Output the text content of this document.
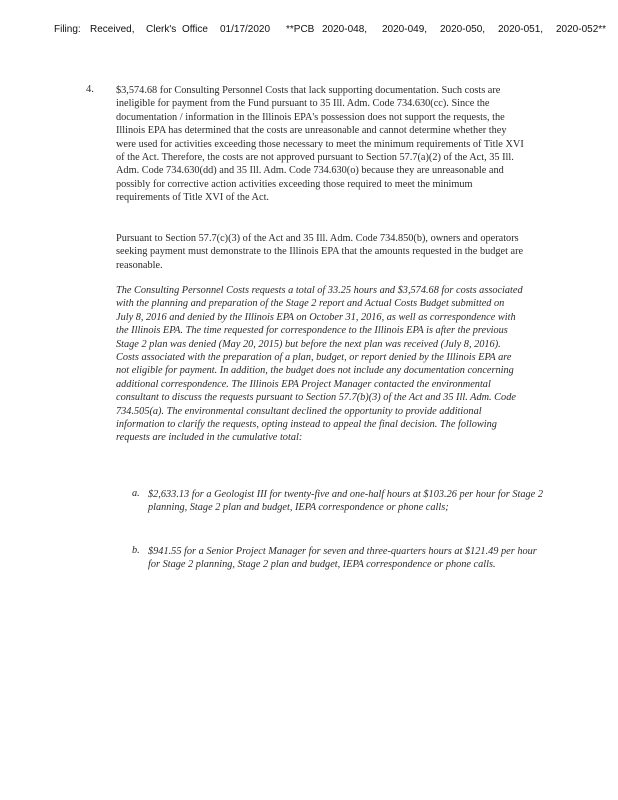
Filing: Received, Clerk's Office 01/17/2020 **PCB 2020-048, 2020-049, 2020-050, 2020-051, 2020-052**
4. $3,574.68 for Consulting Personnel Costs that lack supporting documentation. Such costs are ineligible for payment from the Fund pursuant to 35 Ill. Adm. Code 734.630(cc). Since the documentation / information in the Illinois EPA's possession does not support the requests, the Illinois EPA has determined that the costs are unreasonable and cannot determine whether they were used for activities exceeding those necessary to meet the minimum requirements of Title XVI of the Act. Therefore, the costs are not approved pursuant to Section 57.7(a)(2) of the Act, 35 Ill. Adm. Code 734.630(dd) and 35 Ill. Adm. Code 734.630(o) because they are unreasonable and possibly for corrective action activities exceeding those required to meet the minimum requirements of Title XVI of the Act.

Pursuant to Section 57.7(c)(3) of the Act and 35 Ill. Adm. Code 734.850(b), owners and operators seeking payment must demonstrate to the Illinois EPA that the amounts requested in the budget are reasonable.

The Consulting Personnel Costs requests a total of 33.25 hours and $3,574.68 for costs associated with the planning and preparation of the Stage 2 report and Actual Costs Budget submitted on July 8, 2016 and denied by the Illinois EPA on October 31, 2016, as well as correspondence with the Illinois EPA. The time requested for correspondence to the Illinois EPA is after the previous Stage 2 plan was denied (May 20, 2015) but before the next plan was received (July 8, 2016). Costs associated with the preparation of a plan, budget, or report denied by the Illinois EPA are not eligible for payment. In addition, the budget does not include any documentation concerning additional correspondence. The Illinois EPA Project Manager contacted the environmental consultant to discuss the requests pursuant to Section 57.7(b)(3) of the Act and 35 Ill. Adm. Code 734.505(a). The environmental consultant declined the opportunity to provide additional information to clarify the requests, opting instead to appeal the final decision. The following requests are included in the cumulative total:

a. $2,633.13 for a Geologist III for twenty-five and one-half hours at $103.26 per hour for Stage 2 planning, Stage 2 plan and budget, IEPA correspondence or phone calls;

b. $941.55 for a Senior Project Manager for seven and three-quarters hours at $121.49 per hour for Stage 2 planning, Stage 2 plan and budget, IEPA correspondence or phone calls.
